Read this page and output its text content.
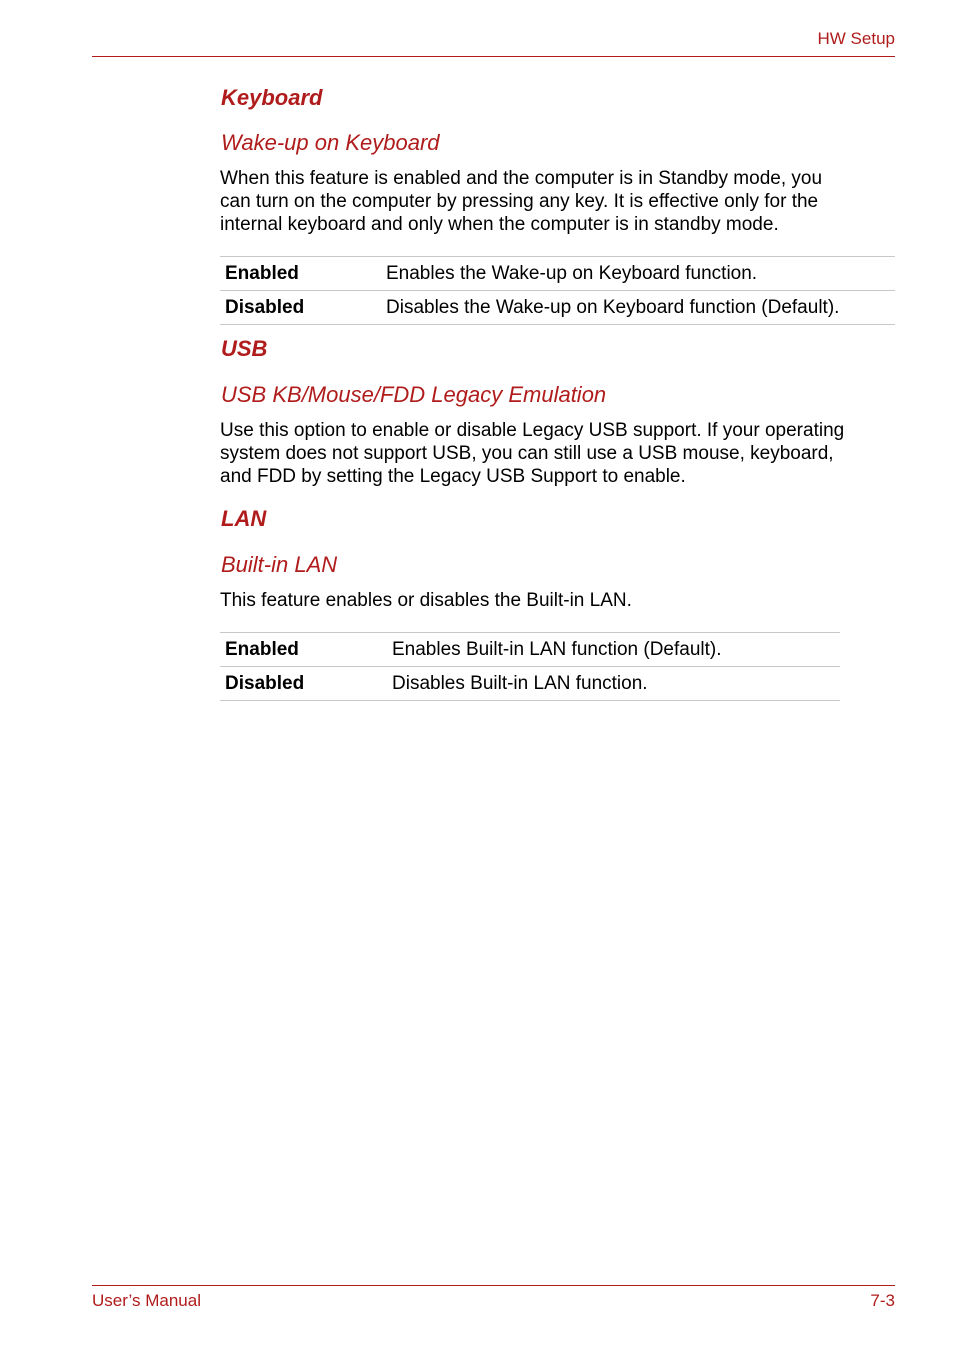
HW Setup
Keyboard
Wake-up on Keyboard
When this feature is enabled and the computer is in Standby mode, you
can turn on the computer by pressing any key. It is effective only for the
internal keyboard and only when the computer is in standby mode.
Enabled	Enables the Wake-up on Keyboard function.
Disabled	Disables the Wake-up on Keyboard function (Default).
USB
USB KB/Mouse/FDD Legacy Emulation
Use this option to enable or disable Legacy USB support. If your operating
system does not support USB, you can still use a USB mouse, keyboard,
and FDD by setting the Legacy USB Support to enable.
LAN
Built-in LAN
This feature enables or disables the Built-in LAN.
Enabled	Enables Built-in LAN function (Default).
Disabled	Disables Built-in LAN function.
User’s Manual	7-3
